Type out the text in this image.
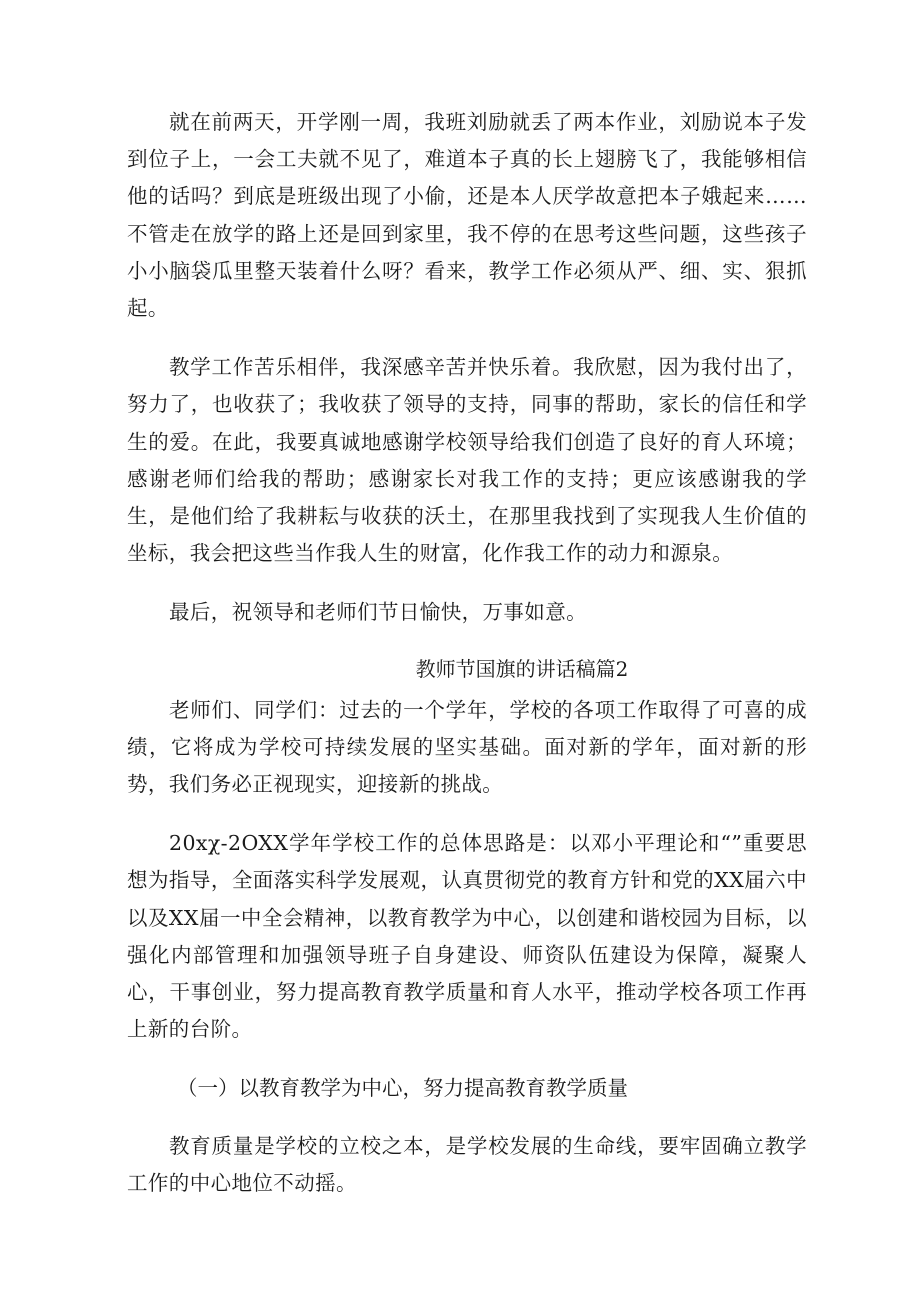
就在前两天，开学刚一周，我班刘励就丢了两本作业，刘励说本子发到位子上，一会工夫就不见了，难道本子真的长上翅膀飞了，我能够相信他的话吗？到底是班级出现了小偷，还是本人厌学故意把本子娥起来……不管走在放学的路上还是回到家里，我不停的在思考这些问题，这些孩子小小脑袋瓜里整天装着什么呀？看来，教学工作必须从严、细、实、狠抓起。

教学工作苦乐相伴，我深感辛苦并快乐着。我欣慰，因为我付出了，努力了，也收获了；我收获了领导的支持，同事的帮助，家长的信任和学生的爱。在此，我要真诚地感谢学校领导给我们创造了良好的育人环境；感谢老师们给我的帮助；感谢家长对我工作的支持；更应该感谢我的学生，是他们给了我耕耘与收获的沃土，在那里我找到了实现我人生价值的坐标，我会把这些当作我人生的财富，化作我工作的动力和源泉。

最后，祝领导和老师们节日愉快，万事如意。

教师节国旗的讲话稿篇2

老师们、同学们：过去的一个学年，学校的各项工作取得了可喜的成绩，它将成为学校可持续发展的坚实基础。面对新的学年，面对新的形势，我们务必正视现实，迎接新的挑战。

20xχ-2OXX学年学校工作的总体思路是：以邓小平理论和“”重要思想为指导，全面落实科学发展观，认真贯彻党的教育方针和党的XX届六中以及XX届一中全会精神，以教育教学为中心，以创建和谐校园为目标，以强化内部管理和加强领导班子自身建设、师资队伍建设为保障，凝聚人心，干事创业，努力提高教育教学质量和育人水平，推动学校各项工作再上新的台阶。

（一）以教育教学为中心，努力提高教育教学质量

教育质量是学校的立校之本，是学校发展的生命线，要牢固确立教学工作的中心地位不动摇。
